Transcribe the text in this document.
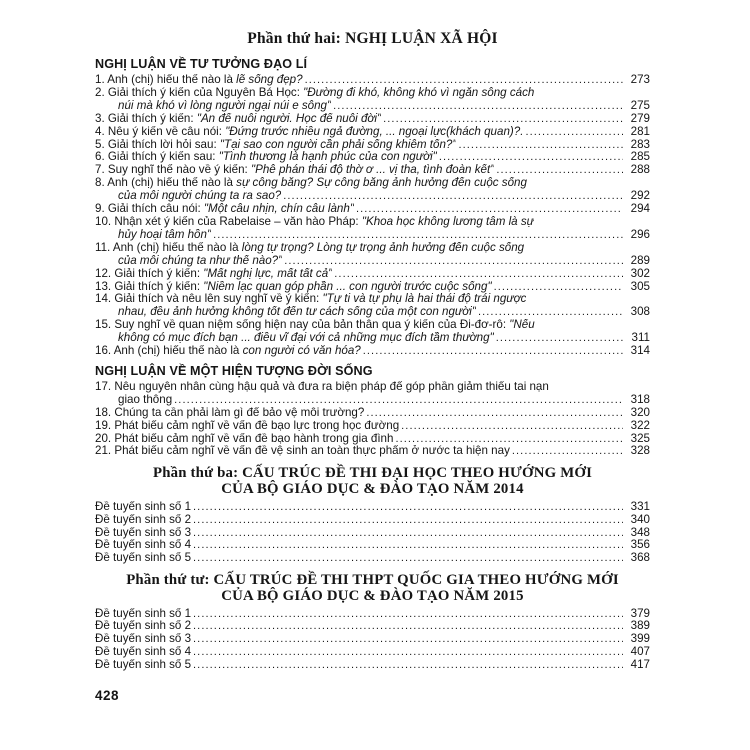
Phần thứ hai: NGHỊ LUẬN XÃ HỘI
NGHỊ LUẬN VỀ TƯ TƯỞNG ĐẠO LÍ
1. Anh (chị) hiểu thế nào là lẽ sống đẹp? .....	273
2. Giải thích ý kiến của Nguyễn Bá Học: "Đường đi khó, không khó vì ngăn sông cách
núi mà khó vì lòng người ngại núi e sông" .....	275
3. Giải thích ý kiến: "Ăn để nuôi người. Học để nuôi đời" .....	279
4. Nêu ý kiến về câu nói: "Đứng trước nhiều ngả đường, ... ngoại lực(khách quan)?. .....	281
5. Giải thích lời hỏi sau: "Tại sao con người cần phải sống khiêm tốn?" .....	283
6. Giải thích ý kiến sau: "Tình thương là hạnh phúc của con người" .....	285
7. Suy nghĩ thế nào về ý kiến: "Phê phán thái độ thờ ơ ... vị tha, tình đoàn kết" .....	288
8. Anh (chị) hiểu thế nào là sự công bằng? Sự công bằng ảnh hưởng đến cuộc sống
của mỗi người chúng ta ra sao? .....	292
9. Giải thích câu nói: "Một câu nhịn, chín câu lành" .....	294
10. Nhận xét ý kiến của Rabelaise – văn hào Pháp: "Khoa học không lương tâm là sự
hủy hoại tâm hồn" .....	296
11. Anh (chị) hiểu thế nào là lòng tự trọng? Lòng tự trọng ảnh hưởng đến cuộc sống
của mỗi chúng ta như thế nào?" .....	289
12. Giải thích ý kiến: "Mất nghị lực, mất tất cả" .....	302
13. Giải thích ý kiến: "Niềm lạc quan góp phần ... con người trước cuộc sống" .....	305
14. Giải thích và nêu lên suy nghĩ về ý kiến: "Tự ti và tự phụ là hai thái độ trái ngược
nhau, đều ảnh hưởng không tốt đến tư cách sống của một con người" .....	308
15. Suy nghĩ về quan niệm sống hiện nay của bản thân qua ý kiến của Đi-đơ-rô: "Nếu
không có mục đích bạn ... điều vĩ đại với cả những mục đích tầm thường" .....	311
16. Anh (chị) hiểu thế nào là con người có văn hóa? .....	314
NGHỊ LUẬN VỀ MỘT HIỆN TƯỢNG ĐỜI SỐNG
17. Nêu nguyên nhân cùng hậu quả và đưa ra biện pháp để góp phần giảm thiểu tai nạn
giao thông .....	318
18. Chúng ta cần phải làm gì để bảo vệ môi trường? .....	320
19. Phát biểu cảm nghĩ về vấn đề bạo lực trong học đường .....	322
20. Phát biểu cảm nghĩ về vấn đề bạo hành trong gia đình .....	325
21. Phát biểu cảm nghĩ về vấn đề vệ sinh an toàn thực phẩm ở nước ta hiện nay .....	328
Phần thứ ba: CẤU TRÚC ĐỀ THI ĐẠI HỌC THEO HƯỚNG MỚI
CỦA BỘ GIÁO DỤC & ĐÀO TẠO NĂM 2014
Đề tuyển sinh số 1 .....	331
Đề tuyển sinh số 2 .....	340
Đề tuyển sinh số 3 .....	348
Đề tuyển sinh số 4 .....	356
Đề tuyển sinh số 5 .....	368
Phần thứ tư: CẤU TRÚC ĐỀ THI THPT QUỐC GIA THEO HƯỚNG MỚI
CỦA BỘ GIÁO DỤC & ĐÀO TẠO NĂM 2015
Đề tuyển sinh số 1 .....	379
Đề tuyển sinh số 2 .....	389
Đề tuyển sinh số 3 .....	399
Đề tuyển sinh số 4 .....	407
Đề tuyển sinh số 5 .....	417
428
